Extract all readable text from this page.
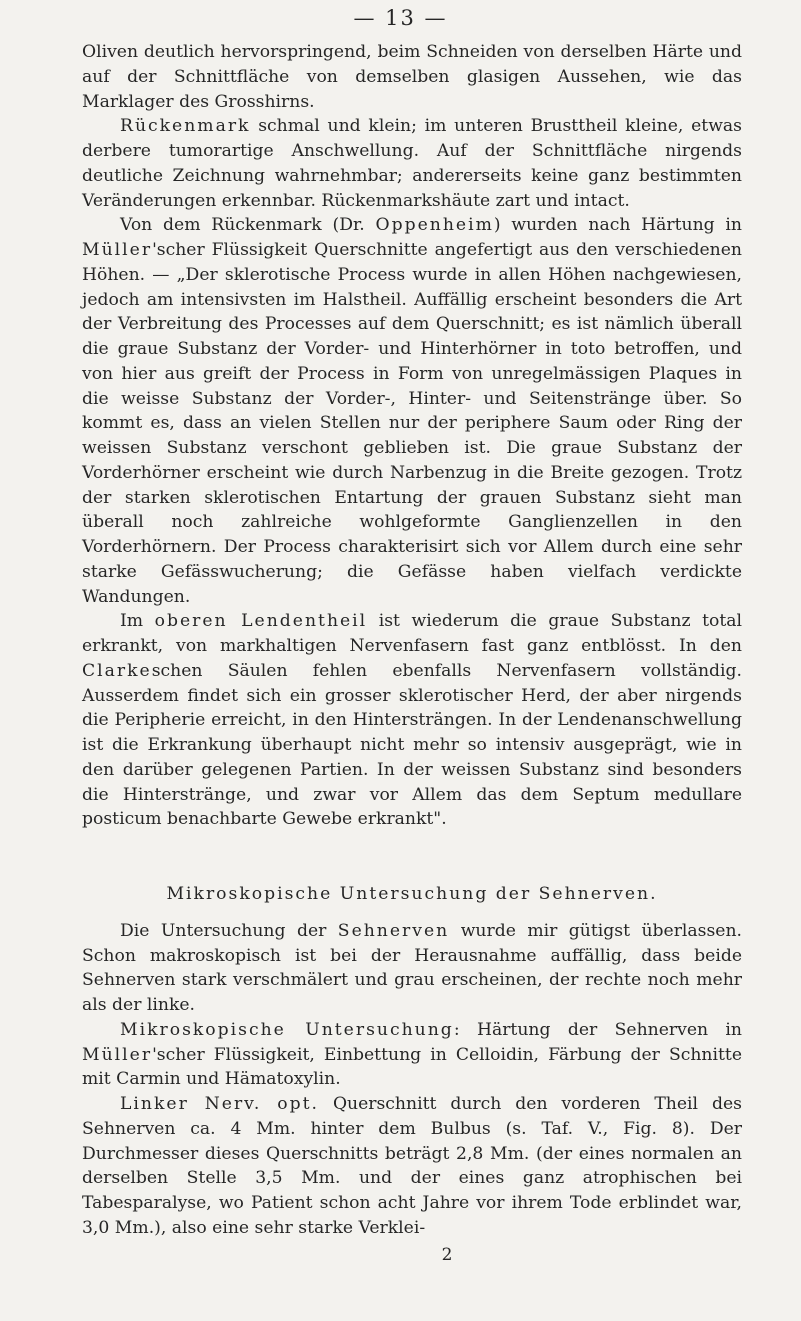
— 13 —

Oliven deutlich hervorspringend, beim Schneiden von derselben Härte und auf der Schnittfläche von demselben glasigen Aussehen, wie das Marklager des Grosshirns.

Rückenmark schmal und klein; im unteren Brusttheil kleine, etwas derbere tumorartige Anschwellung. Auf der Schnittfläche nirgends deutliche Zeichnung wahrnehmbar; andererseits keine ganz bestimmten Veränderungen erkennbar. Rückenmarkshäute zart und intact.

Von dem Rückenmark (Dr. Oppenheim) wurden nach Härtung in Müller'scher Flüssigkeit Querschnitte angefertigt aus den verschiedenen Höhen. — „Der sklerotische Process wurde in allen Höhen nachgewiesen, jedoch am intensivsten im Halstheil. Auffällig erscheint besonders die Art der Verbreitung des Processes auf dem Querschnitt; es ist nämlich überall die graue Substanz der Vorder- und Hinterhörner in toto betroffen, und von hier aus greift der Process in Form von unregelmässigen Plaques in die weisse Substanz der Vorder-, Hinter- und Seitenstränge über. So kommt es, dass an vielen Stellen nur der periphere Saum oder Ring der weissen Substanz verschont geblieben ist. Die graue Substanz der Vorderhörner erscheint wie durch Narbenzug in die Breite gezogen. Trotz der starken sklerotischen Entartung der grauen Substanz sieht man überall noch zahlreiche wohlgeformte Ganglienzellen in den Vorderhörnern. Der Process charakterisirt sich vor Allem durch eine sehr starke Gefässwucherung; die Gefässe haben vielfach verdickte Wandungen.

Im oberen Lendentheil ist wiederum die graue Substanz total erkrankt, von markhaltigen Nervenfasern fast ganz entblösst. In den Clarkeschen Säulen fehlen ebenfalls Nervenfasern vollständig. Ausserdem findet sich ein grosser sklerotischer Herd, der aber nirgends die Peripherie erreicht, in den Hintersträngen. In der Lendenanschwellung ist die Erkrankung überhaupt nicht mehr so intensiv ausgeprägt, wie in den darüber gelegenen Partien. In der weissen Substanz sind besonders die Hinterstränge, und zwar vor Allem das dem Septum medullare posticum benachbarte Gewebe erkrankt".

Mikroskopische Untersuchung der Sehnerven.

Die Untersuchung der Sehnerven wurde mir gütigst überlassen. Schon makroskopisch ist bei der Herausnahme auffällig, dass beide Sehnerven stark verschmälert und grau erscheinen, der rechte noch mehr als der linke.

Mikroskopische Untersuchung: Härtung der Sehnerven in Müller'scher Flüssigkeit, Einbettung in Celloidin, Färbung der Schnitte mit Carmin und Hämatoxylin.

Linker Nerv. opt. Querschnitt durch den vorderen Theil des Sehnerven ca. 4 Mm. hinter dem Bulbus (s. Taf. V., Fig. 8). Der Durchmesser dieses Querschnitts beträgt 2,8 Mm. (der eines normalen an derselben Stelle 3,5 Mm. und der eines ganz atrophischen bei Tabesparalyse, wo Patient schon acht Jahre vor ihrem Tode erblindet war, 3,0 Mm.), also eine sehr starke Verklei-

2
